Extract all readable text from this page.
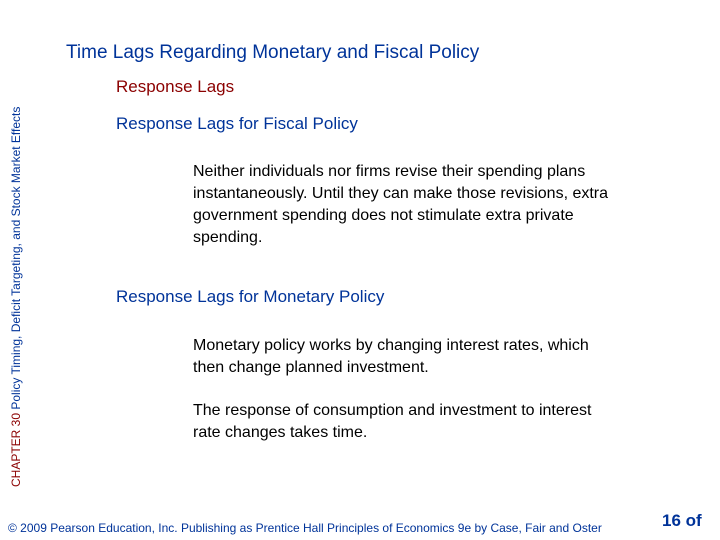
CHAPTER 30 Policy Timing, Deficit Targeting, and Stock Market Effects
Time Lags Regarding Monetary and Fiscal Policy
Response Lags
Response Lags for Fiscal Policy
Neither individuals nor firms revise their spending plans instantaneously. Until they can make those revisions, extra government spending does not stimulate extra private spending.
Response Lags for Monetary Policy
Monetary policy works by changing interest rates, which then change planned investment.
The response of consumption and investment to interest rate changes takes time.
© 2009 Pearson Education, Inc. Publishing as Prentice Hall Principles of Economics 9e by Case, Fair and Oster	16 of
